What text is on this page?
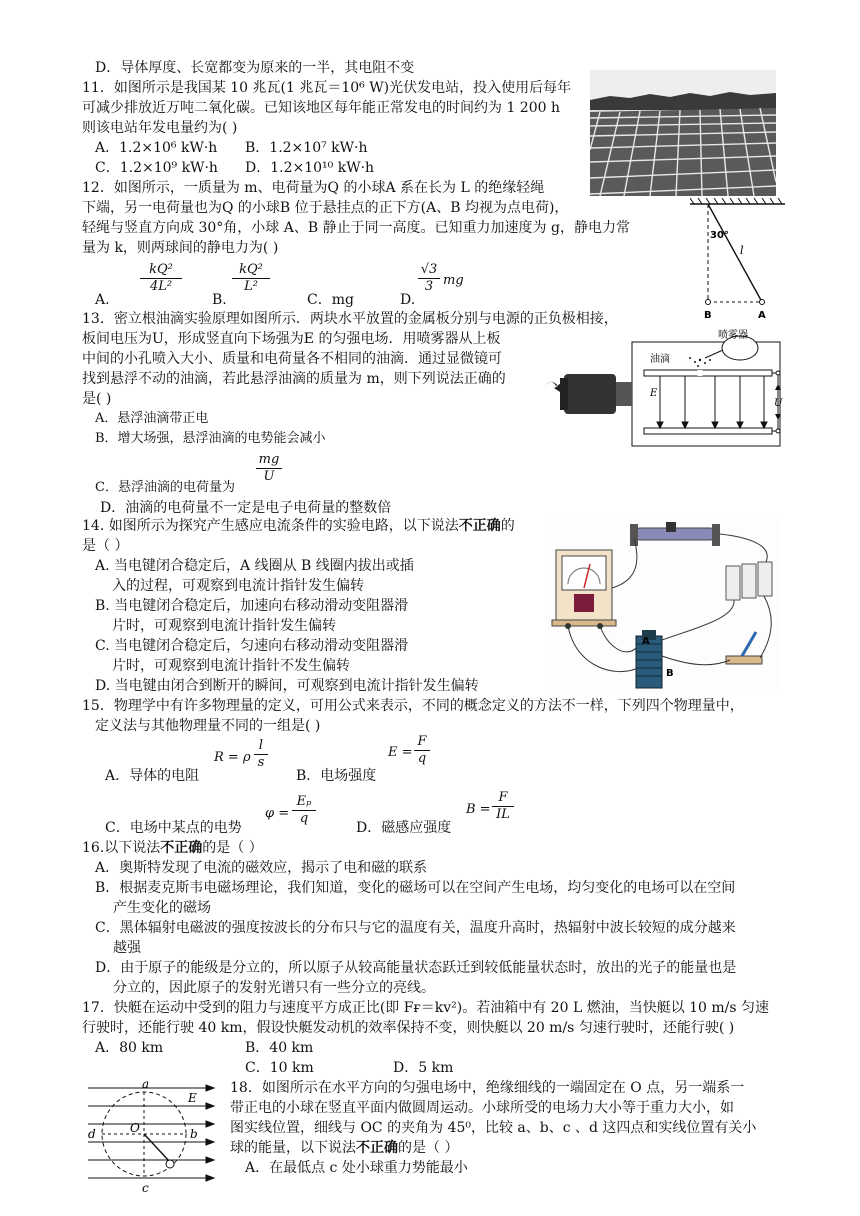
D．导体厚度、长宽都变为原来的一半，其电阻不变
11．如图所示是我国某 10 兆瓦(1 兆瓦＝10⁶ W)光伏发电站，投入使用后每年
可减少排放近万吨二氧化碳。已知该地区每年能正常发电的时间约为 1 200 h
则该电站年发电量约为( )
A．1.2×10⁶ kW·h B．1.2×10⁷ kW·h
C．1.2×10⁹ kW·h D．1.2×10¹⁰ kW·h
12．如图所示，一质量为 m、电荷量为Q 的小球A 系在长为 L 的绝缘轻绳
下端，另一电荷量也为Q 的小球B 位于悬挂点的正下方(A、B 均视为点电荷)，
轻绳与竖直方向成 30°角，小球 A、B 静止于同一高度。已知重力加速度为 g，静电力常
量为 k，则两球间的静电力为( )
A.
$\frac{\text{kQ²}}{\text{4L²}}$
B.
$\frac{\text{kQ²}}{\text{L²}}$
C．mg	D.
$\frac{√3}{3}$ mg
30°
l
B	A
13．密立根油滴实验原理如图所示．两块水平放置的金属板分别与电源的正负极相接，
板间电压为U，形成竖直向下场强为E 的匀强电场．用喷雾器从上板
中间的小孔喷入大小、质量和电荷量各不相同的油滴．通过显微镜可
找到悬浮不动的油滴，若此悬浮油滴的质量为 m，则下列说法正确的
是( )
A．悬浮油滴带正电
B．增大场强，悬浮油滴的电势能会减小
C．悬浮油滴的电荷量为
$\frac{mg}{U}$
D．油滴的电荷量不一定是电子电荷量的整数倍
U
E
油滴
喷雾器
14. 如图所示为探究产生感应电流条件的实验电路，以下说法不正确的
是（ ）
A. 当电键闭合稳定后，A 线圈从 B 线圈内拔出或插
入的过程，可观察到电流计指针发生偏转
B. 当电键闭合稳定后，加速向右移动滑动变阻器滑
片时，可观察到电流计指针发生偏转
C. 当电键闭合稳定后，匀速向右移动滑动变阻器滑
片时，可观察到电流计指针不发生偏转
D. 当电键由闭合到断开的瞬间，可观察到电流计指针发生偏转
A
B
15．物理学中有许多物理量的定义，可用公式来表示，不同的概念定义的方法不一样，下列四个物理量中，
定义法与其他物理量不同的一组是( )
A．导体的电阻
R = ρ $\frac{l}{s}$
B．电场强度
$E = \frac{F}{q}$
C．电场中某点的电势
$\varphi = \frac{\text{Eₚ}}{q}$
D．磁感应强度
$B = \frac{F}{IL}$
16.以下说法不正确的是（ ）
A．奥斯特发现了电流的磁效应，揭示了电和磁的联系
B．根据麦克斯韦电磁场理论，我们知道，变化的磁场可以在空间产生电场，均匀变化的电场可以在空间
产生变化的磁场
C．黑体辐射电磁波的强度按波长的分布只与它的温度有关，温度升高时，热辐射中波长较短的成分越来
越强
D．由于原子的能级是分立的，所以原子从较高能量状态跃迁到较低能量状态时，放出的光子的能量也是
分立的，因此原子的发射光谱只有一些分立的亮线。
17．快艇在运动中受到的阻力与速度平方成正比(即 Fғ＝kv²)。若油箱中有 20 L 燃油，当快艇以 10 m/s 匀速
行驶时，还能行驶 40 km，假设快艇发动机的效率保持不变，则快艇以 20 m/s 匀速行驶时，还能行驶( )
A．80 km	B．40 km
C．10 km	D．5 km
18．如图所示在水平方向的匀强电场中，绝缘细线的一端固定在 O 点，另一端系一
带正电的小球在竖直平面内做圆周运动。小球所受的电场力大小等于重力大小，如
图实线位置，细线与 OC 的夹角为 45⁰，比较 a、b、c 、d 这四点和实线位置有关小
球的能量，以下说法不正确的是（ ）
A．在最低点 c 处小球重力势能最小
a
b
c
d	O
E
